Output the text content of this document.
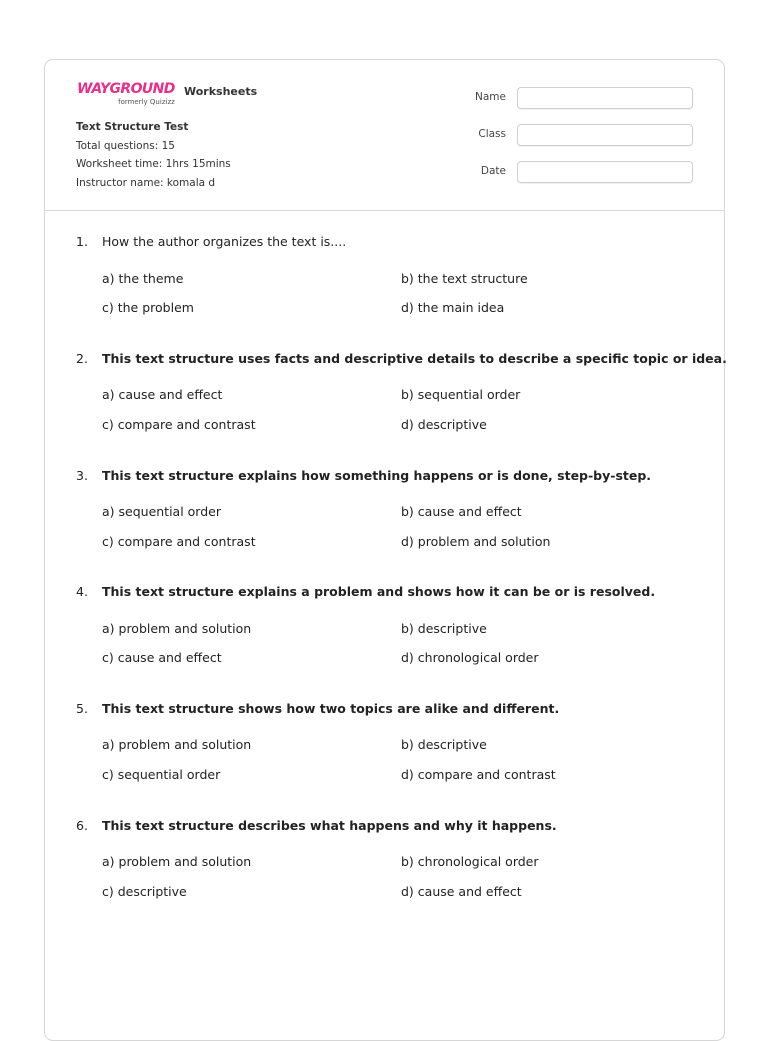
WAYGROUND
formerly Quizizz
Worksheets
Text Structure Test
Total questions: 15
Worksheet time: 1hrs 15mins
Instructor name: komala d
Name
Class
Date
1. How the author organizes the text is....
a) the theme	b) the text structure
c) the problem	d) the main idea
2. This text structure uses facts and descriptive details to describe a specific topic or idea.
a) cause and effect	b) sequential order
c) compare and contrast	d) descriptive
3. This text structure explains how something happens or is done, step-by-step.
a) sequential order	b) cause and effect
c) compare and contrast	d) problem and solution
4. This text structure explains a problem and shows how it can be or is resolved.
a) problem and solution	b) descriptive
c) cause and effect	d) chronological order
5. This text structure shows how two topics are alike and different.
a) problem and solution	b) descriptive
c) sequential order	d) compare and contrast
6. This text structure describes what happens and why it happens.
a) problem and solution	b) chronological order
c) descriptive	d) cause and effect
